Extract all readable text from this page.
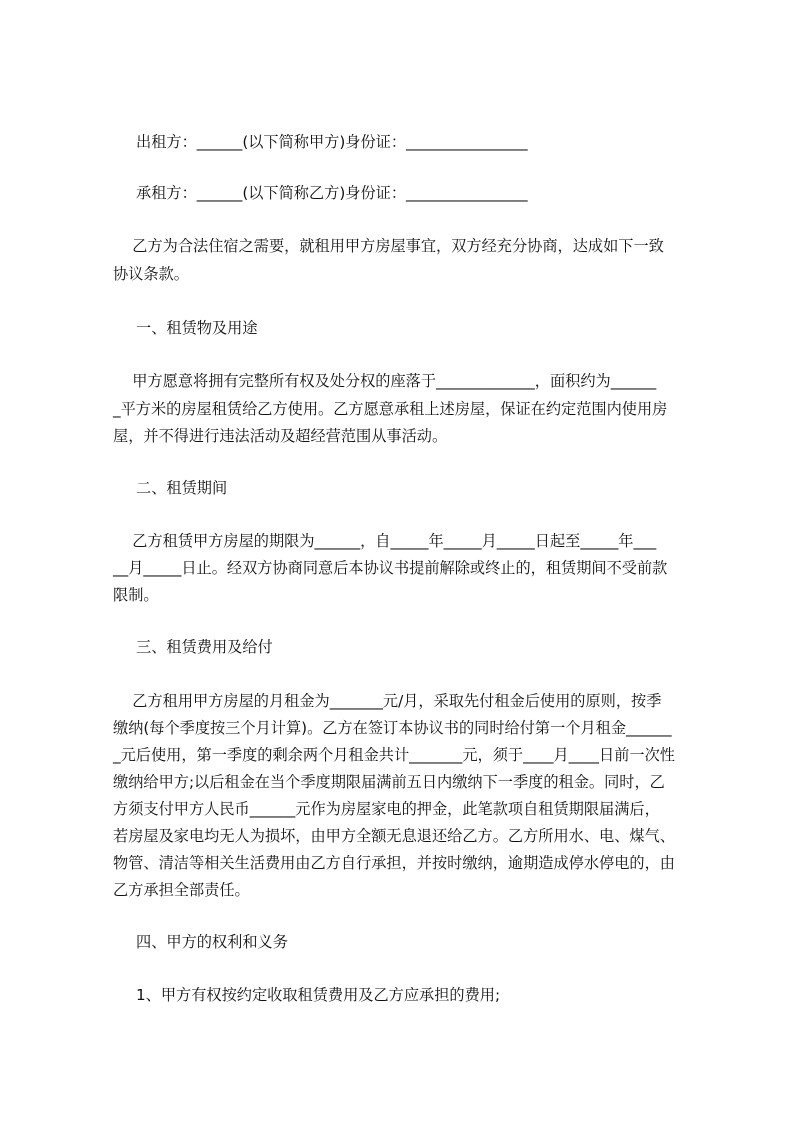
出租方：______(以下简称甲方)身份证：________________

承租方：______(以下简称乙方)身份证：________________

乙方为合法住宿之需要，就租用甲方房屋事宜，双方经充分协商，达成如下一致

协议条款。

一、租赁物及用途

甲方愿意将拥有完整所有权及处分权的座落于_____________，面积约为______

_平方米的房屋租赁给乙方使用。乙方愿意承租上述房屋，保证在约定范围内使用房

屋，并不得进行违法活动及超经营范围从事活动。

二、租赁期间

乙方租赁甲方房屋的期限为______，自_____年_____月_____日起至_____年___

__月_____日止。经双方协商同意后本协议书提前解除或终止的，租赁期间不受前款

限制。

三、租赁费用及给付

乙方租用甲方房屋的月租金为_______元/月，采取先付租金后使用的原则，按季

缴纳(每个季度按三个月计算)。乙方在签订本协议书的同时给付第一个月租金______

_元后使用，第一季度的剩余两个月租金共计_______元，须于____月____日前一次性

缴纳给甲方;以后租金在当个季度期限届满前五日内缴纳下一季度的租金。同时，乙

方须支付甲方人民币______元作为房屋家电的押金，此笔款项自租赁期限届满后，

若房屋及家电均无人为损坏，由甲方全额无息退还给乙方。乙方所用水、电、煤气、

物管、清洁等相关生活费用由乙方自行承担，并按时缴纳，逾期造成停水停电的，由

乙方承担全部责任。

四、甲方的权利和义务

1、甲方有权按约定收取租赁费用及乙方应承担的费用;
